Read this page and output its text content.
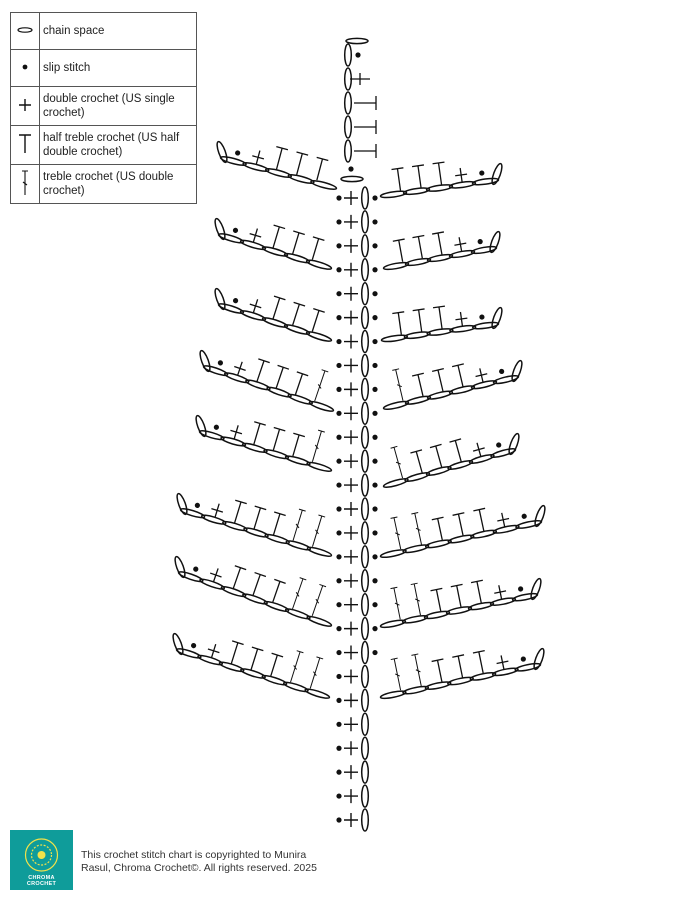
	chain space
	slip stitch
	double crochet (US single crochet)
	half treble crochet (US half double crochet)
	treble crochet (US double crochet)
CHROMA CROCHET
This crochet stitch chart is copyrighted to Munira Rasul, Chroma Crochet©. All rights reserved. 2025
